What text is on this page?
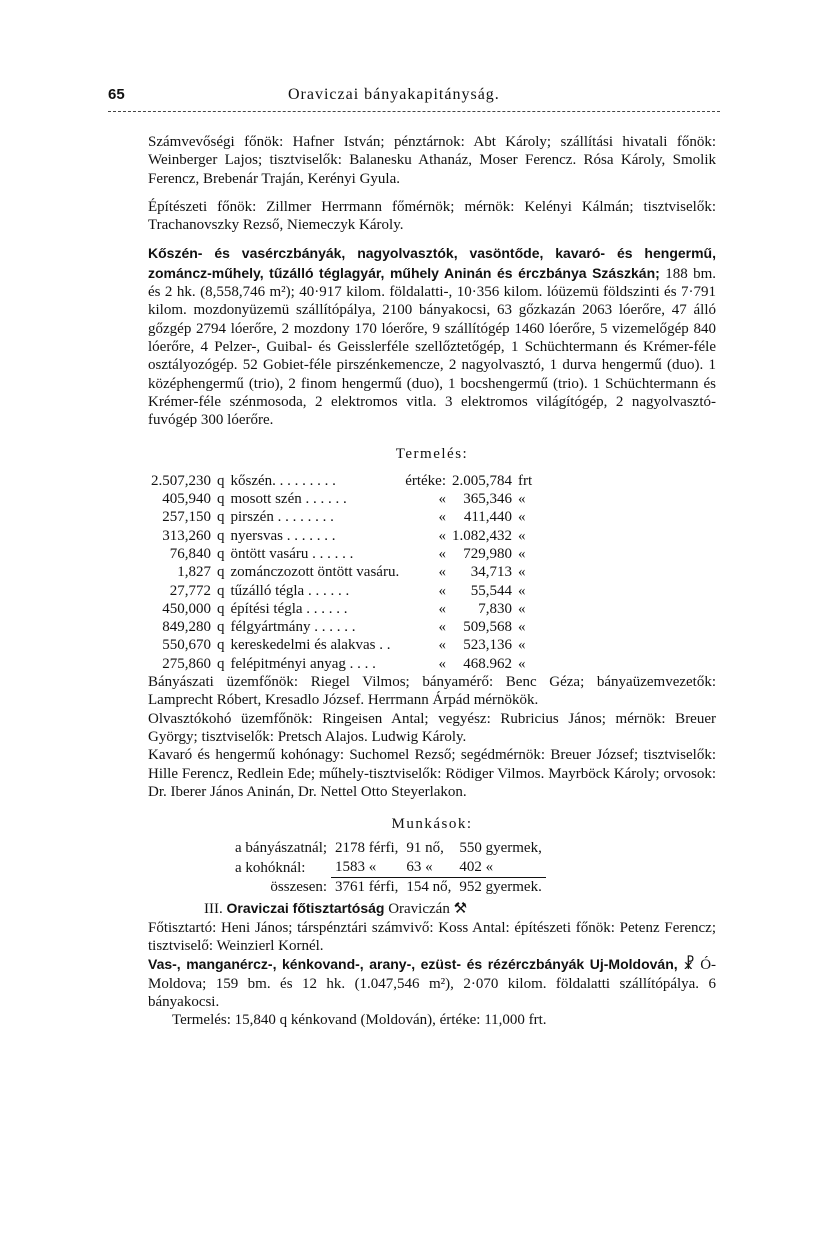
65	Oraviczai bányakapitányság.

Számvevőségi főnök: Hafner István; pénztárnok: Abt Károly; szállítási hivatali főnök: Weinberger Lajos; tisztviselők: Balanesku Athanáz, Moser Ferencz. Rósa Károly, Smolik Ferencz, Brebenár Traján, Kerényi Gyula.

Építészeti főnök: Zillmer Herrmann főmérnök; mérnök: Kelényi Kálmán; tisztviselők: Trachanovszky Rezső, Niemeczyk Károly.

Kőszén- és vasérczbányák, nagyolvasztók, vasöntőde, kavaró- és hengermű, zománcz-műhely, tűzálló téglagyár, műhely Aninán és érczbánya Szászkán; 188 bm. és 2 hk. (8,558,746 m²); 40·917 kilom. földalatti-, 10·356 kilom. lóüzemü földszinti és 7·791 kilom. mozdonyüzemü szállítópálya, 2100 bányakocsi, 63 gőzkazán 2063 lóerőre, 47 álló gőzgép 2794 lóerőre, 2 mozdony 170 lóerőre, 9 szállítógép 1460 lóerőre, 5 vizemelőgép 840 lóerőre, 4 Pelzer-, Guibal- és Geisslerféle szellőztetőgép, 1 Schüchtermann és Krémer-féle osztályozógép. 52 Gobiet-féle pirszénkemencze, 2 nagyolvasztó, 1 durva hengermű (duo). 1 középhengermű (trio), 2 finom hengermű (duo), 1 bocshengermű (trio). 1 Schüchtermann és Krémer-féle szénmosoda, 2 elektromos vitla. 3 elektromos világítógép, 2 nagyolvasztó-fuvógép 300 lóerőre.

Termelés:

2.507,230	q	kőszén. . . . . . . . .	értéke:	2.005,784	frt
405,940	q	mosott szén . . . . . .	«	365,346	«
257,150	q	pirszén . . . . . . . .	«	411,440	«
313,260	q	nyersvas . . . . . . .	«	1.082,432	«
76,840	q	öntött vasáru . . . . . .	«	729,980	«
1,827	q	zománczozott öntött vasáru.	«	34,713	«
27,772	q	tűzálló tégla . . . . . .	«	55,544	«
450,000	q	építési tégla . . . . . .	«	7,830	«
849,280	q	félgyártmány . . . . . .	«	509,568	«
550,670	q	kereskedelmi és alakvas . .	«	523,136	«
275,860	q	felépitményi anyag . . . .	«	468.962	«

Bányászati üzemfőnök: Riegel Vilmos; bányamérő: Benc Géza; bányaüzemvezetők: Lamprecht Róbert, Kresadlo József. Herrmann Árpád mérnökök.

Olvasztókohó üzemfőnök: Ringeisen Antal; vegyész: Rubricius János; mérnök: Breuer György; tisztviselők: Pretsch Alajos. Ludwig Károly.

Kavaró és hengermű kohónagy: Suchomel Rezső; segédmérnök: Breuer József; tisztviselők: Hille Ferencz, Redlein Ede; műhely-tisztviselők: Rödiger Vilmos. Mayrböck Károly; orvosok: Dr. Iberer János Aninán, Dr. Nettel Otto Steyerlakon.

Munkások:

a bányászatnál;	2178 férfi,	91 nő,	550 gyermek,
a kohóknál:	1583 «	63 «	402 «
összesen:	3761 férfi,	154 nő,	952 gyermek.

III. Oraviczai főtisztartóság Oraviczán ⚒

Főtisztartó: Heni János; társpénztári számvivő: Koss Antal: építészeti főnök: Petenz Ferencz; tisztviselő: Weinzierl Kornél.

Vas-, manganércz-, kénkovand-, arany-, ezüst- és rézérczbányák Uj-Moldován, ☧ Ó-Moldova; 159 bm. és 12 hk. (1.047,546 m²), 2·070 kilom. földalatti szállítópálya. 6 bányakocsi.

Termelés: 15,840 q kénkovand (Moldován), értéke: 11,000 frt.
